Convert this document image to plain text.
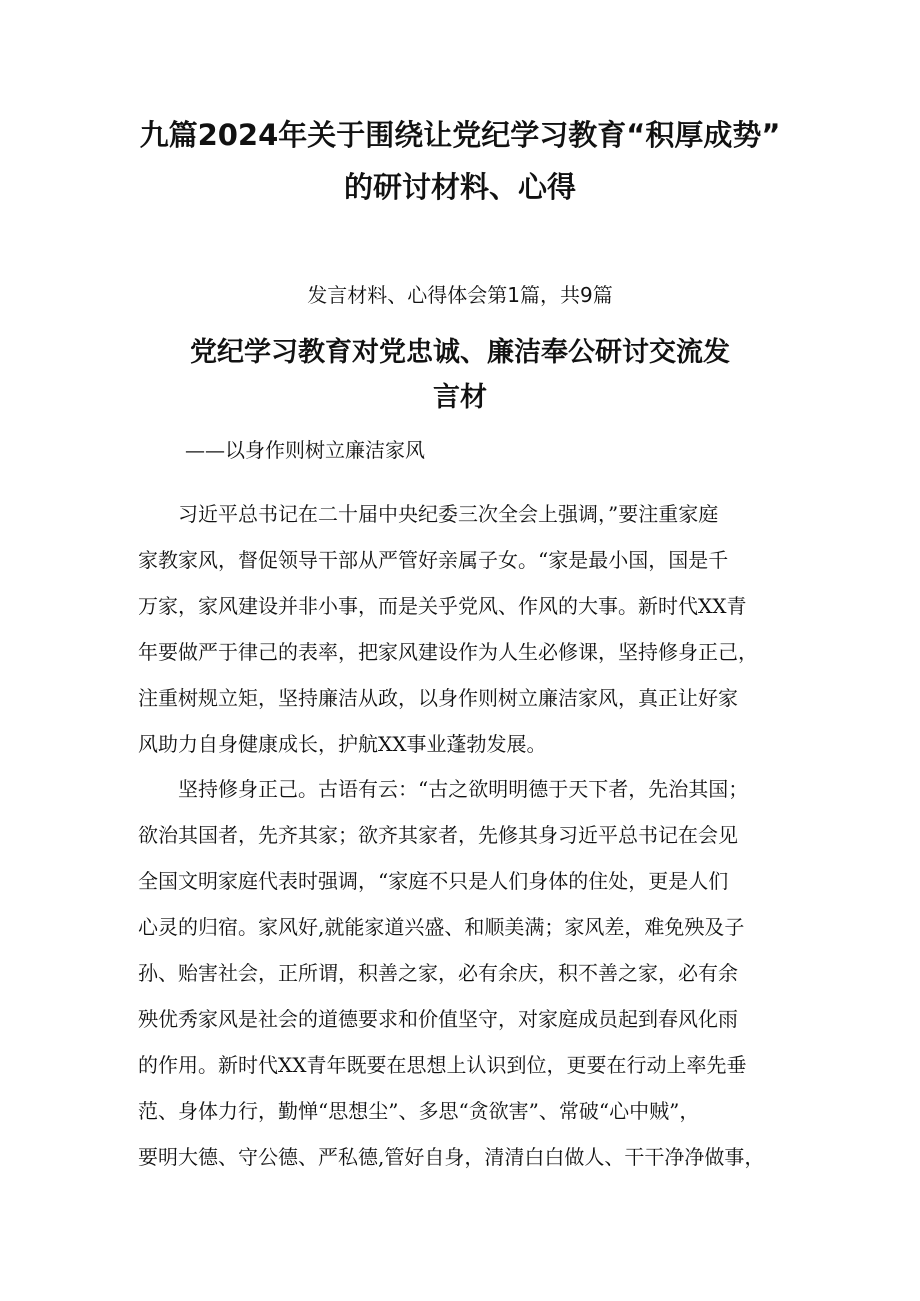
九篇2024年关于围绕让党纪学习教育“积厚成势”
的研讨材料、心得

发言材料、心得体会第1篇，共9篇

党纪学习教育对党忠诚、廉洁奉公研讨交流发
言材

——以身作则树立廉洁家风

习近平总书记在二十届中央纪委三次全会上强调，”要注重家庭
家教家风，督促领导干部从严管好亲属子女。“家是最小国，国是千
万家，家风建设并非小事，而是关乎党风、作风的大事。新时代XX青
年要做严于律己的表率，把家风建设作为人生必修课，坚持修身正己，
注重树规立矩，坚持廉洁从政，以身作则树立廉洁家风，真正让好家
风助力自身健康成长，护航XX事业蓬勃发展。
坚持修身正己。古语有云：“古之欲明明德于天下者，先治其国；
欲治其国者，先齐其家；欲齐其家者，先修其身习近平总书记在会见
全国文明家庭代表时强调，“家庭不只是人们身体的住处，更是人们
心灵的归宿。家风好,就能家道兴盛、和顺美满；家风差，难免殃及子
孙、贻害社会，正所谓，积善之家，必有余庆，积不善之家，必有余
殃优秀家风是社会的道德要求和价值坚守，对家庭成员起到春风化雨
的作用。新时代XX青年既要在思想上认识到位，更要在行动上率先垂
范、身体力行，勤惮“思想尘”、多思“贪欲害”、常破“心中贼”，
要明大德、守公德、严私德,管好自身，清清白白做人、干干净净做事，
